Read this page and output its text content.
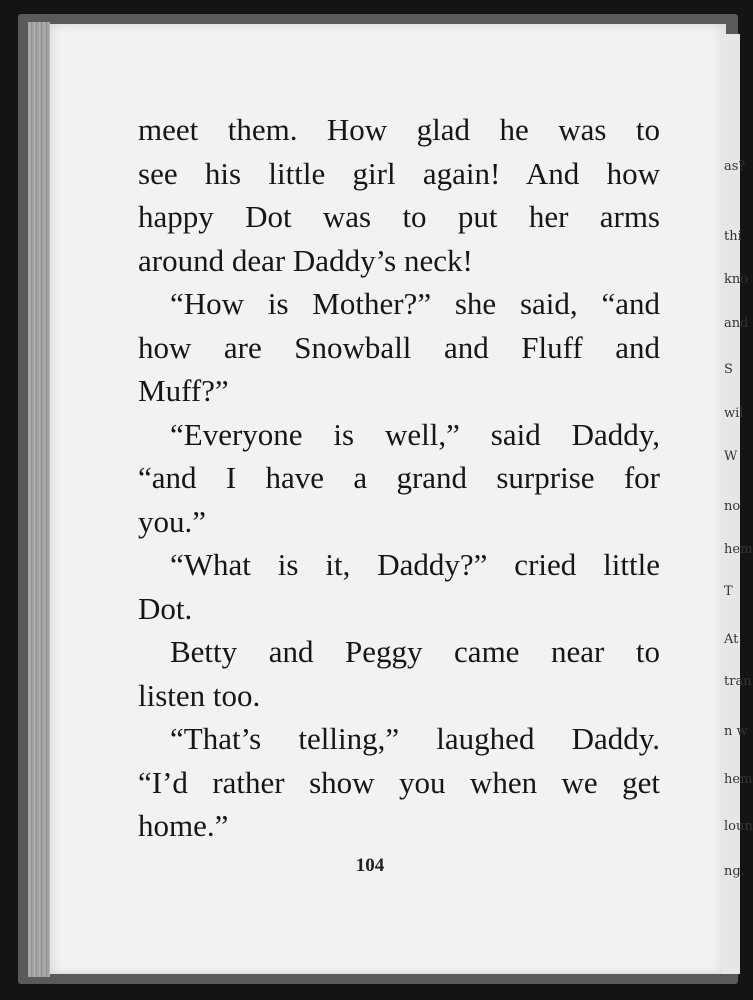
as?
thi
kno
and
S
wil
W
no
hem
T
At
tran
n w
hem
loun
ng.
meet them. How glad he was to
see his little girl again! And how
happy Dot was to put her arms
around dear Daddy’s neck!
“How is Mother?” she said, “and
how are Snowball and Fluff and
Muff?”
“Everyone is well,” said Daddy,
“and I have a grand surprise for
you.”
“What is it, Daddy?” cried little
Dot.
Betty and Peggy came near to
listen too.
“That’s telling,” laughed Daddy.
“I’d rather show you when we get
home.”
104
